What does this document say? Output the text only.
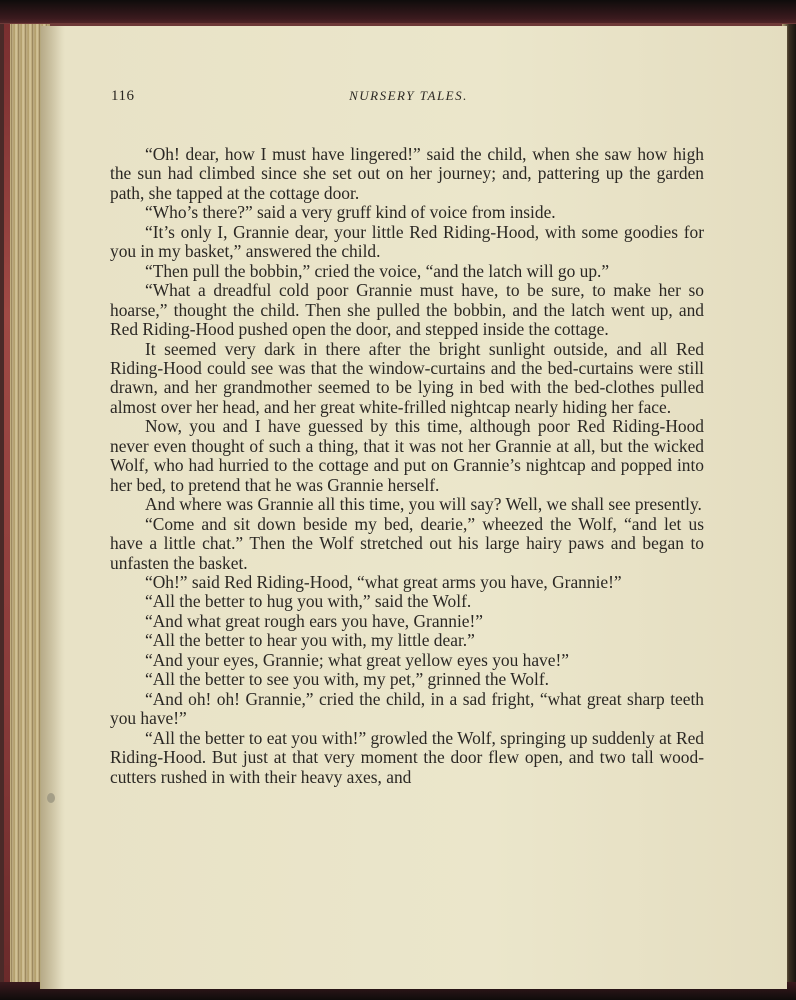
116	NURSERY TALES.

“Oh! dear, how I must have lingered!” said the child, when she saw how high the sun had climbed since she set out on her journey; and, pattering up the garden path, she tapped at the cottage door.

“Who’s there?” said a very gruff kind of voice from inside.

“It’s only I, Grannie dear, your little Red Riding-Hood, with some goodies for you in my basket,” answered the child.

“Then pull the bobbin,” cried the voice, “and the latch will go up.”

“What a dreadful cold poor Grannie must have, to be sure, to make her so hoarse,” thought the child. Then she pulled the bobbin, and the latch went up, and Red Riding-Hood pushed open the door, and stepped inside the cottage.

It seemed very dark in there after the bright sunlight outside, and all Red Riding-Hood could see was that the window-curtains and the bed-curtains were still drawn, and her grandmother seemed to be lying in bed with the bed-clothes pulled almost over her head, and her great white-frilled nightcap nearly hiding her face.

Now, you and I have guessed by this time, although poor Red Riding-Hood never even thought of such a thing, that it was not her Grannie at all, but the wicked Wolf, who had hurried to the cottage and put on Grannie’s nightcap and popped into her bed, to pretend that he was Grannie herself.

And where was Grannie all this time, you will say? Well, we shall see presently.

“Come and sit down beside my bed, dearie,” wheezed the Wolf, “and let us have a little chat.” Then the Wolf stretched out his large hairy paws and began to unfasten the basket.

“Oh!” said Red Riding-Hood, “what great arms you have, Grannie!”

“All the better to hug you with,” said the Wolf.

“And what great rough ears you have, Grannie!”

“All the better to hear you with, my little dear.”

“And your eyes, Grannie; what great yellow eyes you have!”

“All the better to see you with, my pet,” grinned the Wolf.

“And oh! oh! Grannie,” cried the child, in a sad fright, “what great sharp teeth you have!”

“All the better to eat you with!” growled the Wolf, springing up suddenly at Red Riding-Hood. But just at that very moment the door flew open, and two tall wood-cutters rushed in with their heavy axes, and
